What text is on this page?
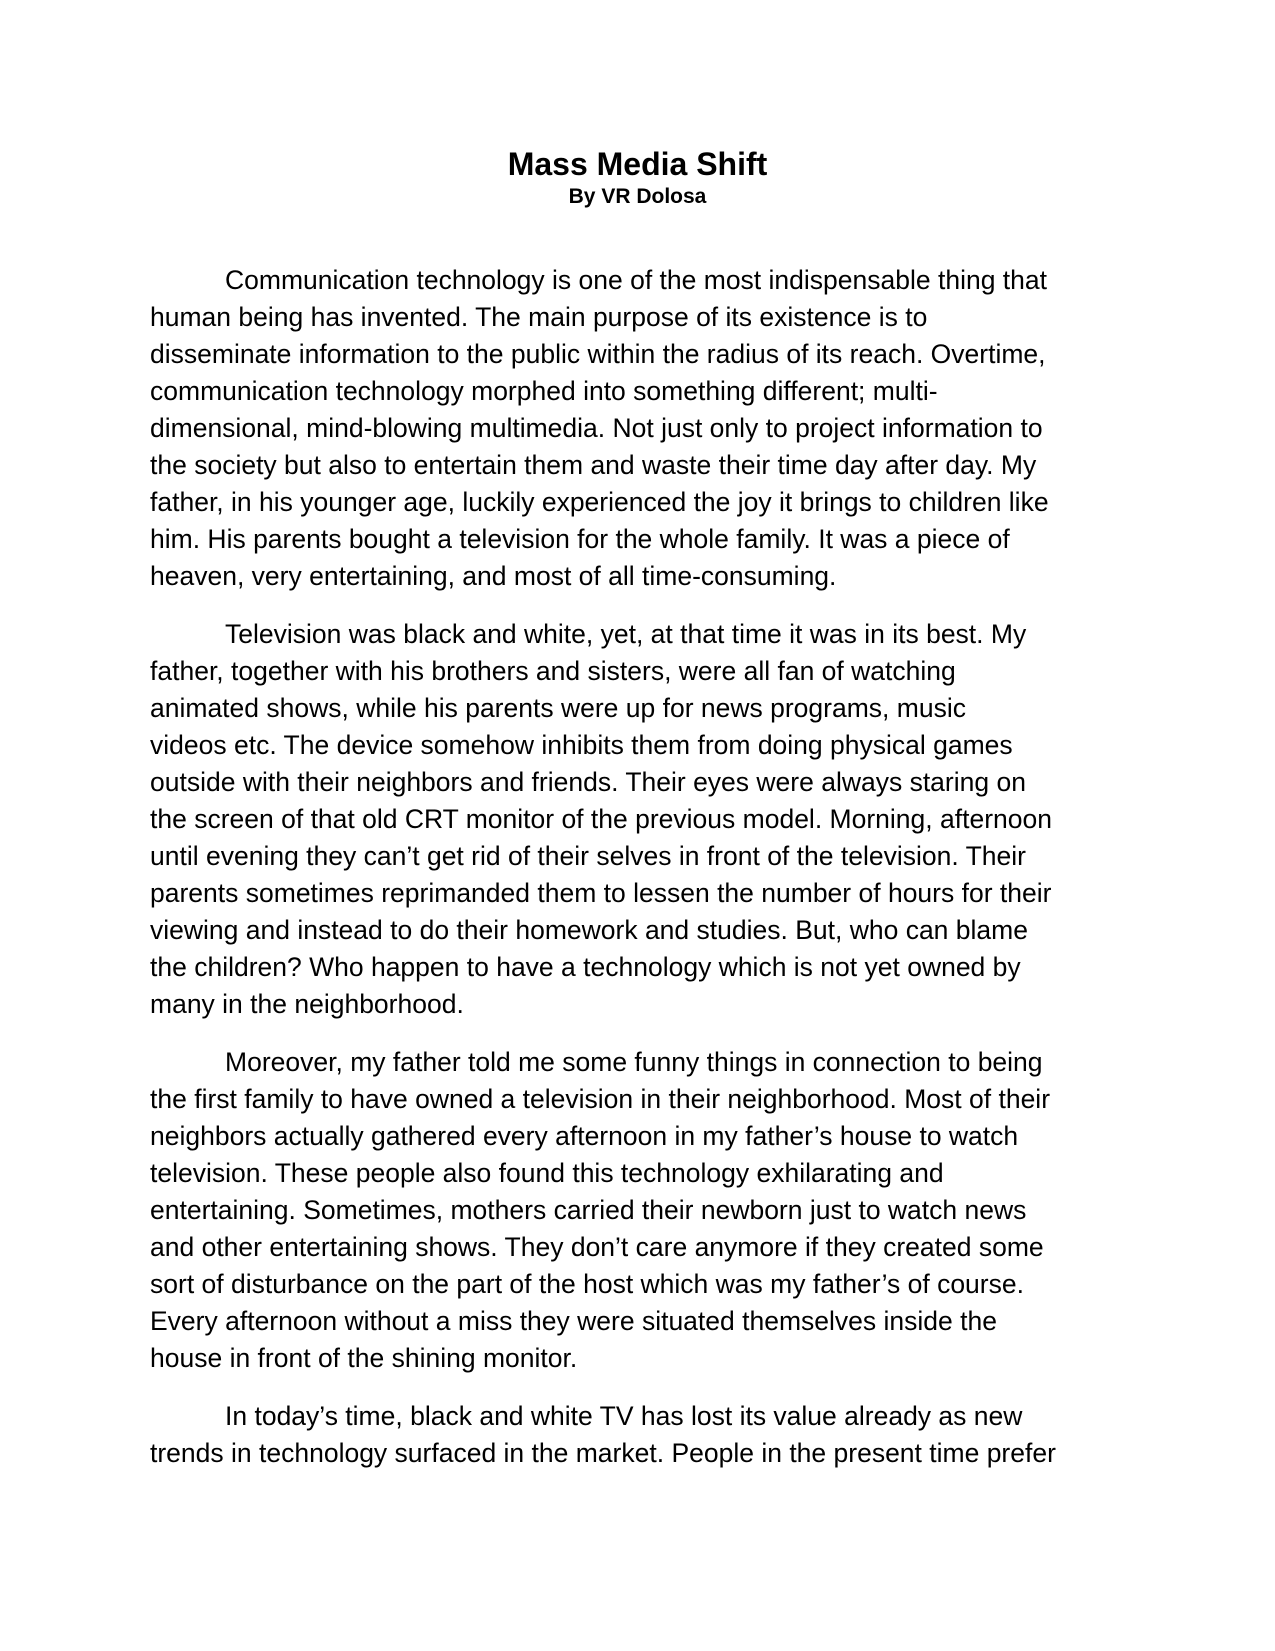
Mass Media Shift
By VR Dolosa

Communication technology is one of the most indispensable thing that
human being has invented. The main purpose of its existence is to
disseminate information to the public within the radius of its reach. Overtime,
communication technology morphed into something different; multi-
dimensional, mind-blowing multimedia. Not just only to project information to
the society but also to entertain them and waste their time day after day. My
father, in his younger age, luckily experienced the joy it brings to children like
him. His parents bought a television for the whole family. It was a piece of
heaven, very entertaining, and most of all time-consuming.

Television was black and white, yet, at that time it was in its best. My
father, together with his brothers and sisters, were all fan of watching
animated shows, while his parents were up for news programs, music
videos etc. The device somehow inhibits them from doing physical games
outside with their neighbors and friends. Their eyes were always staring on
the screen of that old CRT monitor of the previous model. Morning, afternoon
until evening they can’t get rid of their selves in front of the television. Their
parents sometimes reprimanded them to lessen the number of hours for their
viewing and instead to do their homework and studies. But, who can blame
the children? Who happen to have a technology which is not yet owned by
many in the neighborhood.

Moreover, my father told me some funny things in connection to being
the first family to have owned a television in their neighborhood. Most of their
neighbors actually gathered every afternoon in my father’s house to watch
television. These people also found this technology exhilarating and
entertaining. Sometimes, mothers carried their newborn just to watch news
and other entertaining shows. They don’t care anymore if they created some
sort of disturbance on the part of the host which was my father’s of course.
Every afternoon without a miss they were situated themselves inside the
house in front of the shining monitor.

In today’s time, black and white TV has lost its value already as new
trends in technology surfaced in the market. People in the present time prefer
